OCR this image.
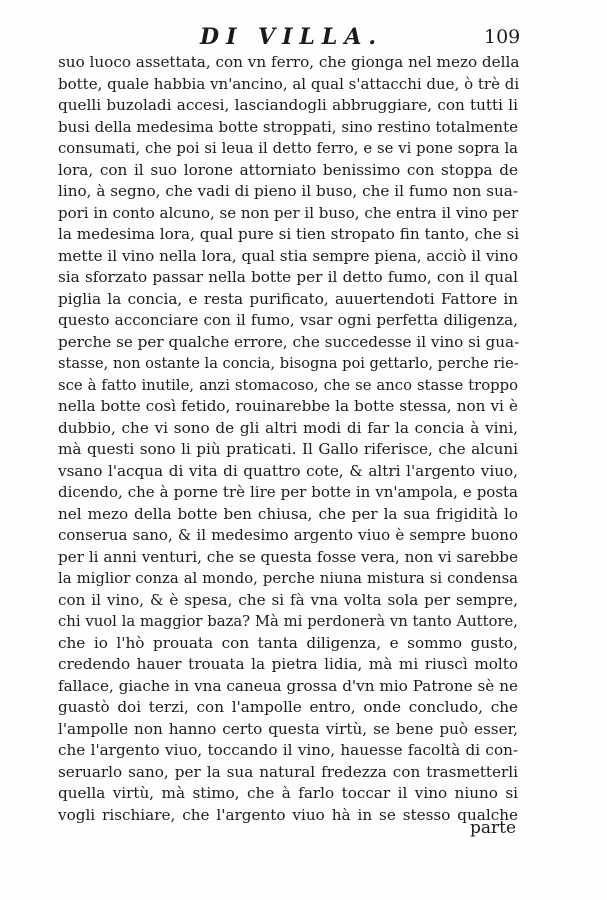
DI VILLA.	109
suo luoco assettata, con vn ferro, che gionga nel mezo della
botte, quale habbia vn'ancino, al qual s'attacchi due, ò trè di
quelli buzoladi accesi, lasciandogli abbruggiare, con tutti li
busi della medesima botte stroppati, sino restino totalmente
consumati, che poi si leua il detto ferro, e se vi pone sopra la
lora, con il suo lorone attorniato benissimo con stoppa de
lino, à segno, che vadi di pieno il buso, che il fumo non sua-
pori in conto alcuno, se non per il buso, che entra il vino per
la medesima lora, qual pure si tien stropato fin tanto, che si
mette il vino nella lora, qual stia sempre piena, acciò il vino
sia sforzato passar nella botte per il detto fumo, con il qual
piglia la concia, e resta purificato, auuertendoti Fattore in
questo acconciare con il fumo, vsar ogni perfetta diligenza,
perche se per qualche errore, che succedesse il vino si gua-
stasse, non ostante la concia, bisogna poi gettarlo, perche rie-
sce à fatto inutile, anzi stomacoso, che se anco stasse troppo
nella botte così fetido, rouinarebbe la botte stessa, non vi è
dubbio, che vi sono de gli altri modi di far la concia à vini,
mà questi sono li più praticati. Il Gallo riferisce, che alcuni
vsano l'acqua di vita di quattro cote, & altri l'argento viuo,
dicendo, che à porne trè lire per botte in vn'ampola, e posta
nel mezo della botte ben chiusa, che per la sua frigidità lo
conserua sano, & il medesimo argento viuo è sempre buono
per li anni venturi, che se questa fosse vera, non vi sarebbe
la miglior conza al mondo, perche niuna mistura si condensa
con il vino, & è spesa, che si fà vna volta sola per sempre,
chi vuol la maggior baza? Mà mi perdonerà vn tanto Auttore,
che io l'hò prouata con tanta diligenza, e sommo gusto,
credendo hauer trouata la pietra lidia, mà mi riuscì molto
fallace, giache in vna caneua grossa d'vn mio Patrone sè ne
guastò doi terzi, con l'ampolle entro, onde concludo, che
l'ampolle non hanno certo questa virtù, se bene può esser,
che l'argento viuo, toccando il vino, hauesse facoltà di con-
seruarlo sano, per la sua natural fredezza con trasmetterli
quella virtù, mà stimo, che à farlo toccar il vino niuno si
vogli rischiare, che l'argento viuo hà in se stesso qualche
parte
